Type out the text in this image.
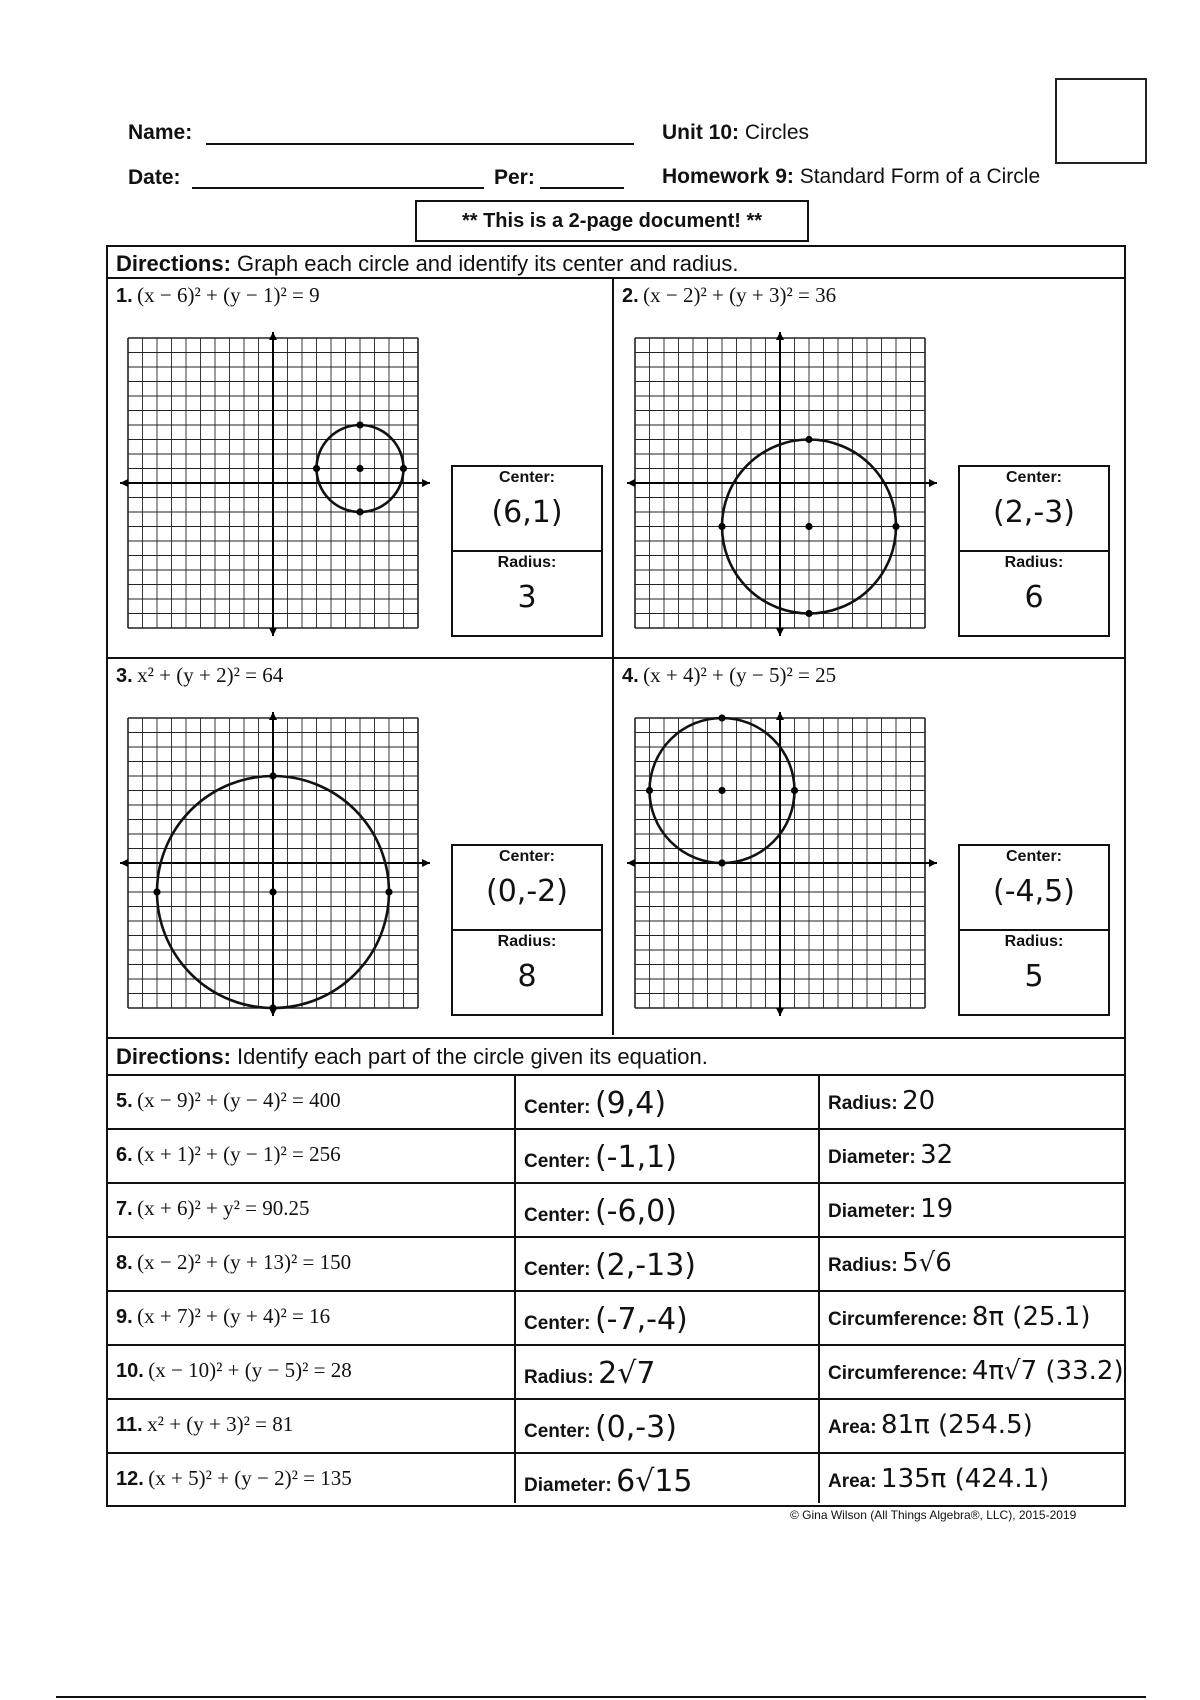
Name:
Date:	Per:
Unit 10: Circles
Homework 9: Standard Form of a Circle
** This is a 2-page document! **
Directions: Graph each circle and identify its center and radius.
1. (x − 6)² + (y − 1)² = 9
Center:
(6,1)
Radius:
3
2. (x − 2)² + (y + 3)² = 36
Center:
(2,-3)
Radius:
6
3. x² + (y + 2)² = 64
Center:
(0,-2)
Radius:
8
4. (x + 4)² + (y − 5)² = 25
Center:
(-4,5)
Radius:
5
Directions: Identify each part of the circle given its equation.
5. (x − 9)² + (y − 4)² = 400	Center: (9,4)	Radius: 20
6. (x + 1)² + (y − 1)² = 256	Center: (-1,1)	Diameter: 32
7. (x + 6)² + y² = 90.25	Center: (-6,0)	Diameter: 19
8. (x − 2)² + (y + 13)² = 150	Center: (2,-13)	Radius: 5√6
9. (x + 7)² + (y + 4)² = 16	Center: (-7,-4)	Circumference: 8π (25.1)
10. (x − 10)² + (y − 5)² = 28	Radius: 2√7	Circumference: 4π√7 (33.2)
11. x² + (y + 3)² = 81	Center: (0,-3)	Area: 81π (254.5)
12. (x + 5)² + (y − 2)² = 135	Diameter: 6√15	Area: 135π (424.1)
© Gina Wilson (All Things Algebra®, LLC), 2015-2019
